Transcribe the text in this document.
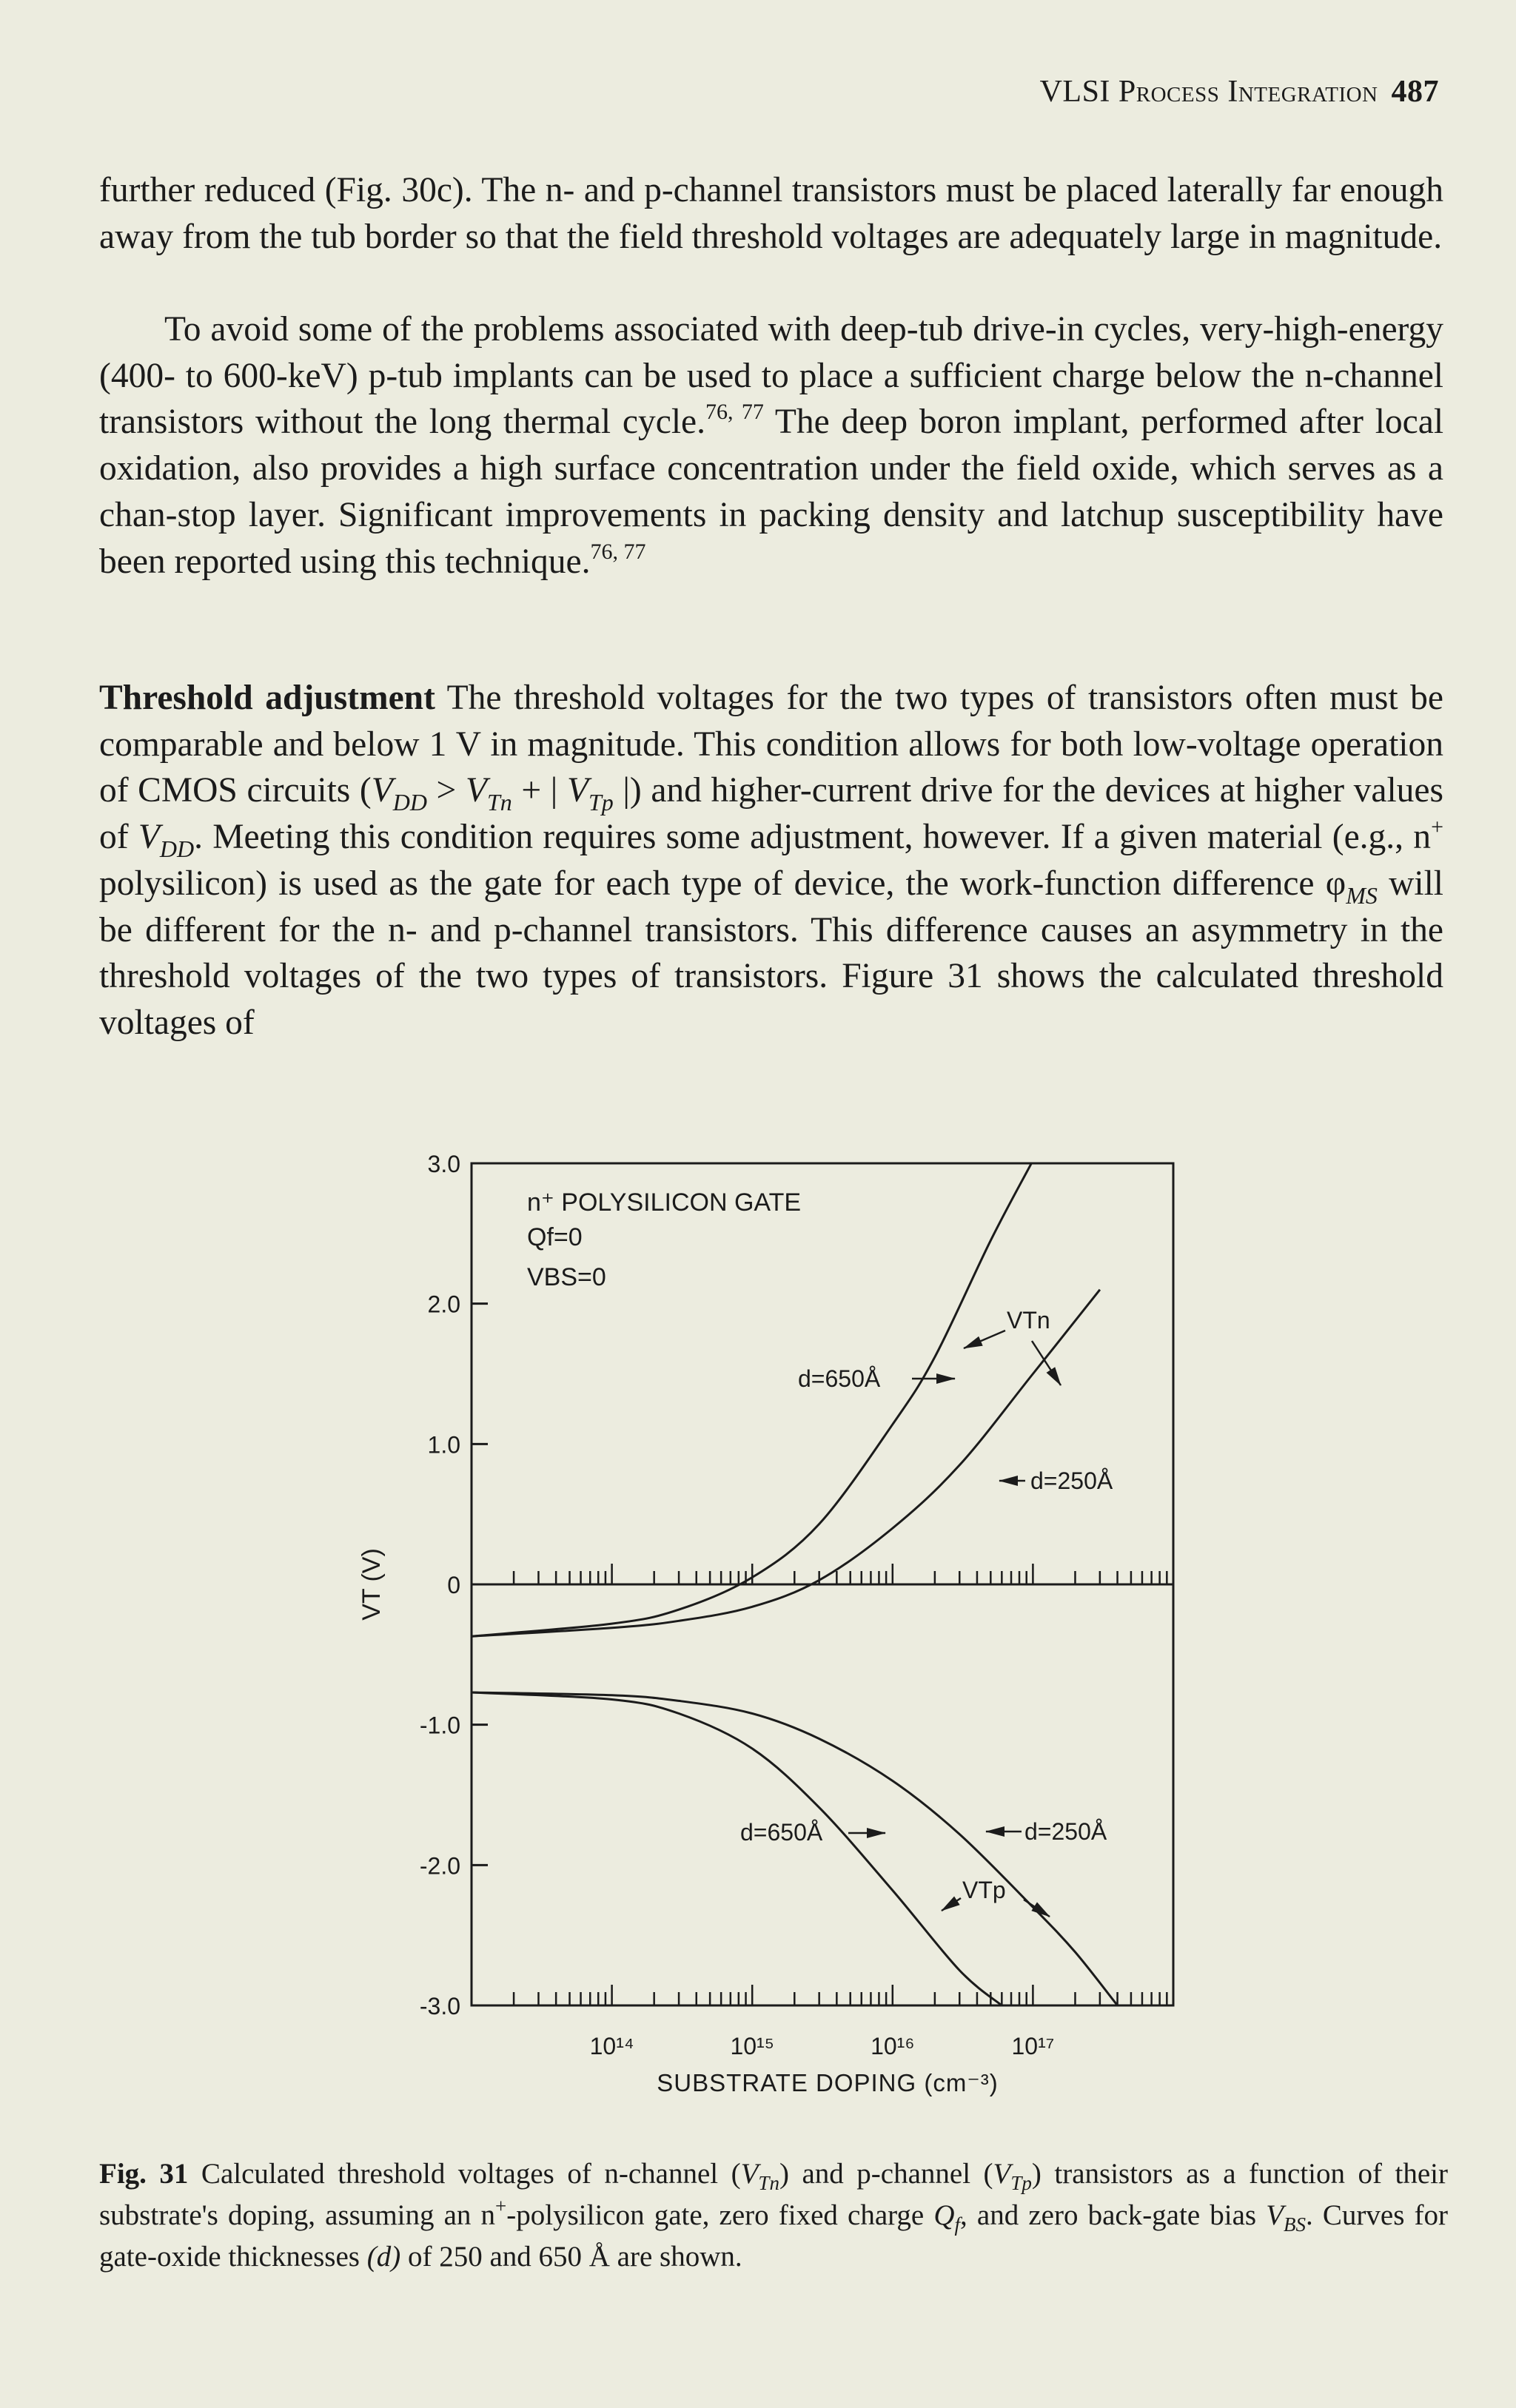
VLSI Process Integration 487

further reduced (Fig. 30c). The n- and p-channel transistors must be placed laterally far enough away from the tub border so that the field threshold voltages are adequately large in magnitude.

To avoid some of the problems associated with deep-tub drive-in cycles, very-high-energy (400- to 600-keV) p-tub implants can be used to place a sufficient charge below the n-channel transistors without the long thermal cycle.$^{76, 77}$ The deep boron implant, performed after local oxidation, also provides a high surface concentration under the field oxide, which serves as a chan-stop layer. Significant improvements in packing density and latchup susceptibility have been reported using this technique.$^{76, 77}$

Threshold adjustment The threshold voltages for the two types of transistors often must be comparable and below 1 V in magnitude. This condition allows for both low-voltage operation of CMOS circuits ($V_{DD} > V_{Tn}$ + | $V_{Tp}$ |) and higher-current drive for the devices at higher values of $V_{DD}$. Meeting this condition requires some adjustment, however. If a given material (e.g., n+ polysilicon) is used as the gate for each type of device, the work-function difference $\varphi_{MS}$ will be different for the n- and p-channel transistors. This difference causes an asymmetry in the threshold voltages of the two types of transistors. Figure 31 shows the calculated threshold voltages of

3.0
2.0
1.0
0
-1.0
-2.0
-3.0
10¹⁴	10¹⁵	10¹⁶	10¹⁷
n⁺ POLYSILICON GATE
Qf=0
VBS=0
VT (V)
SUBSTRATE DOPING (cm⁻³)
VTn
d=650Å
d=250Å
d=650Å	d=250Å
VTp

Fig. 31 Calculated threshold voltages of n-channel $(V_{Tn})$ and p-channel $(V_{Tp})$ transistors as a function of their substrate's doping, assuming an n+-polysilicon gate, zero fixed charge $Q_f$, and zero back-gate bias $V_{BS}$. Curves for gate-oxide thicknesses (d) of 250 and 650 Å are shown.
